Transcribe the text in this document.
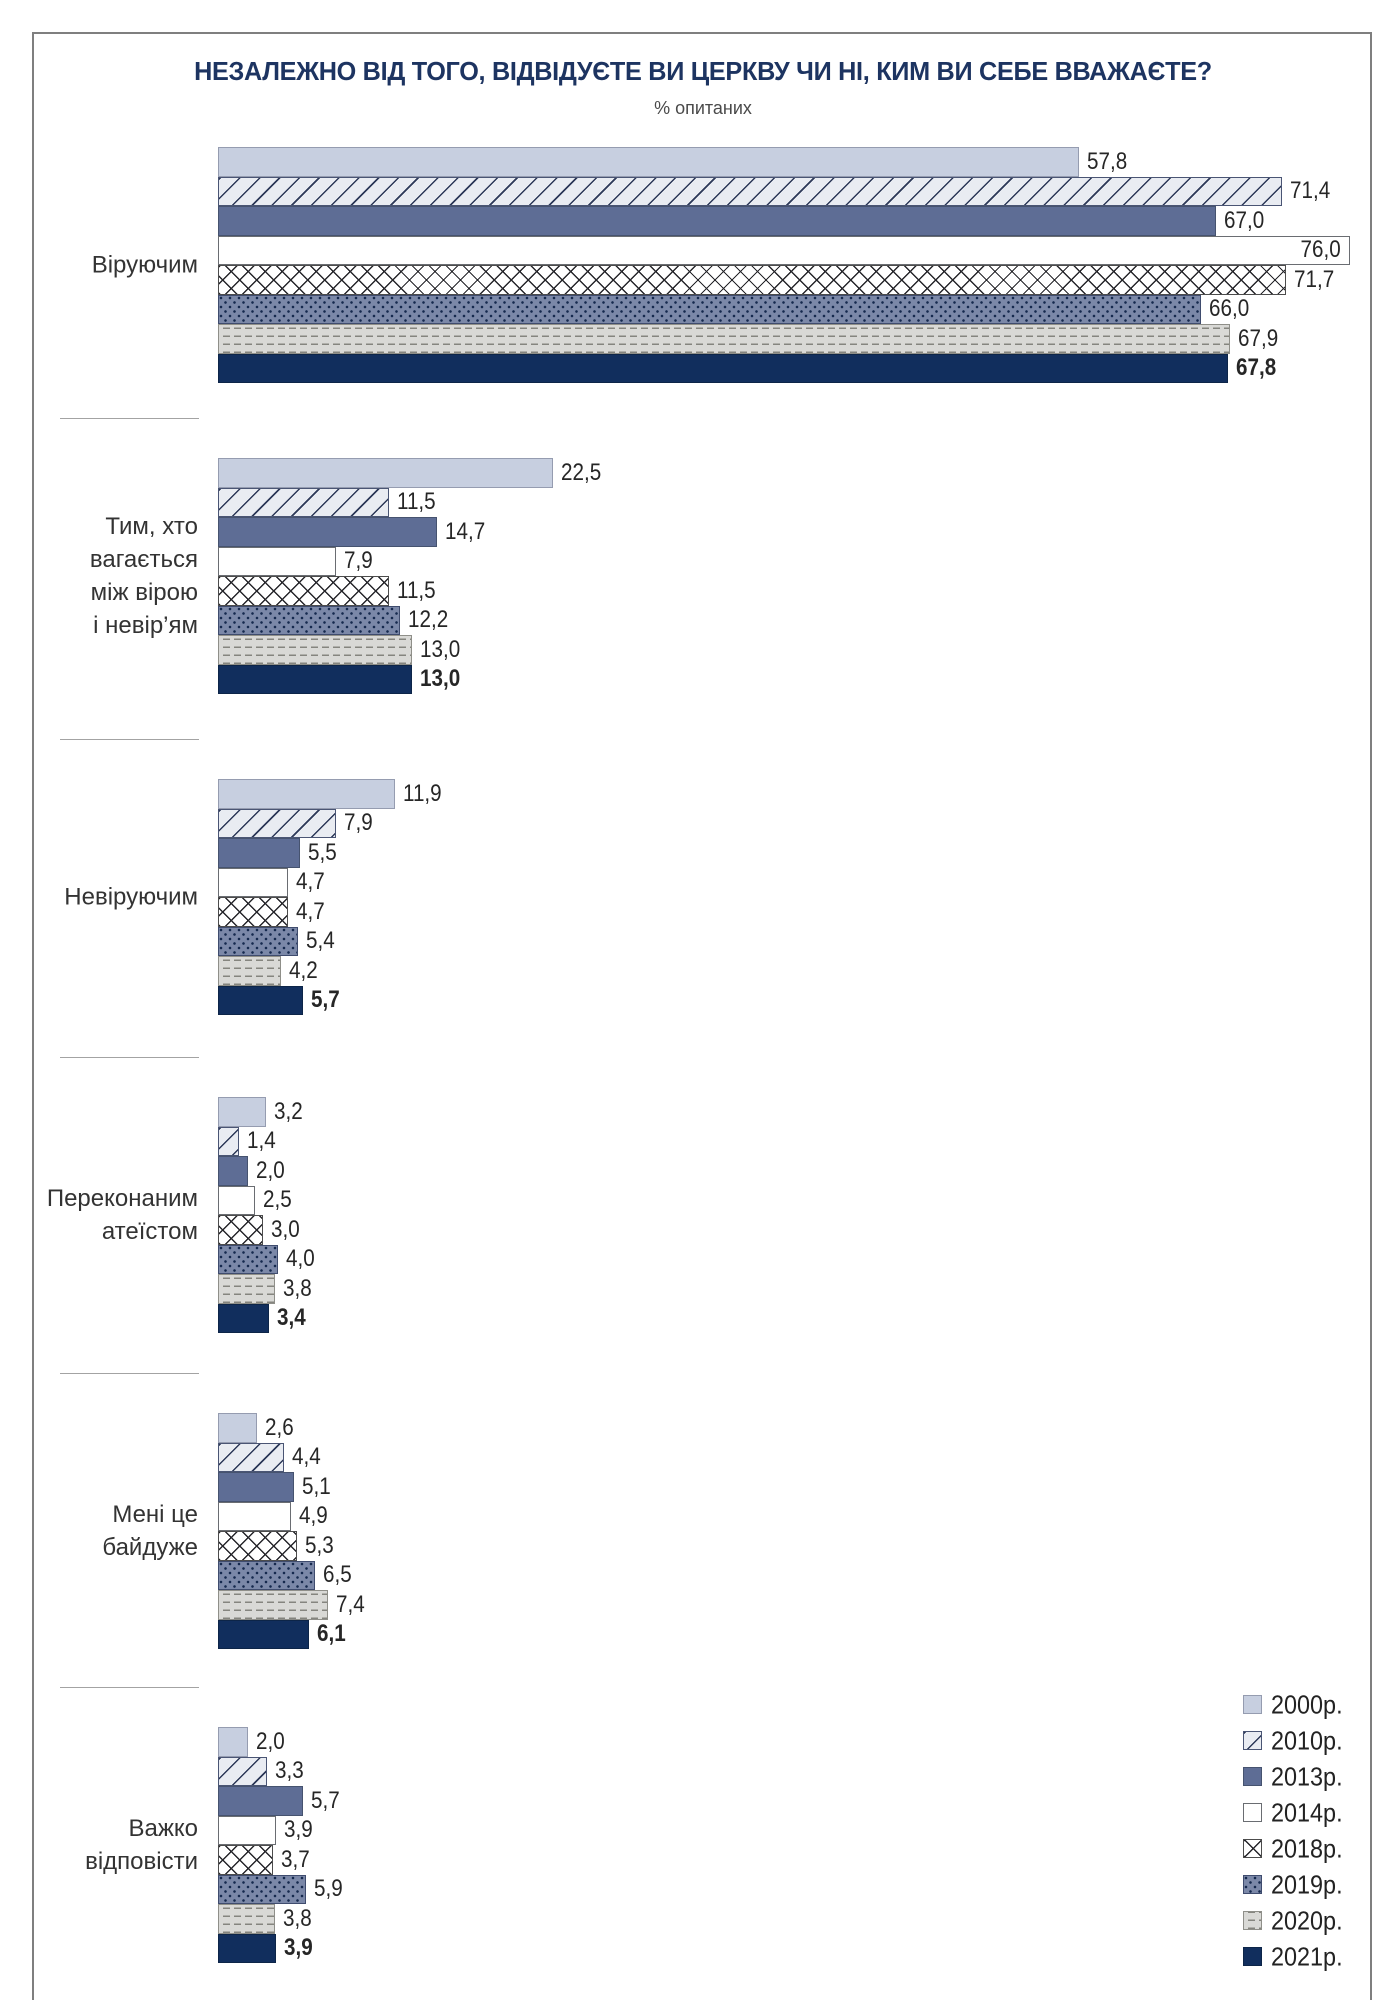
НЕЗАЛЕЖНО ВІД ТОГО, ВІДВІДУЄТЕ ВИ ЦЕРКВУ ЧИ НІ, КИМ ВИ СЕБЕ ВВАЖАЄТЕ?
% опитаних
Віруючим
57,8
71,4
67,0
76,0
71,7
66,0
67,9
67,8
Тим, хто
вагається
між вірою
і невір’ям
22,5
11,5
14,7
7,9
11,5
12,2
13,0
13,0
Невіруючим
11,9
7,9
5,5
4,7
4,7
5,4
4,2
5,7
Переконаним
атеїстом
3,2
1,4
2,0
2,5
3,0
4,0
3,8
3,4
Мені це
байдуже
2,6
4,4
5,1
4,9
5,3
6,5
7,4
6,1
Важко
відповісти
2,0
3,3
5,7
3,9
3,7
5,9
3,8
3,9
2000р.
2010р.
2013р.
2014р.
2018р.
2019р.
2020р.
2021р.
